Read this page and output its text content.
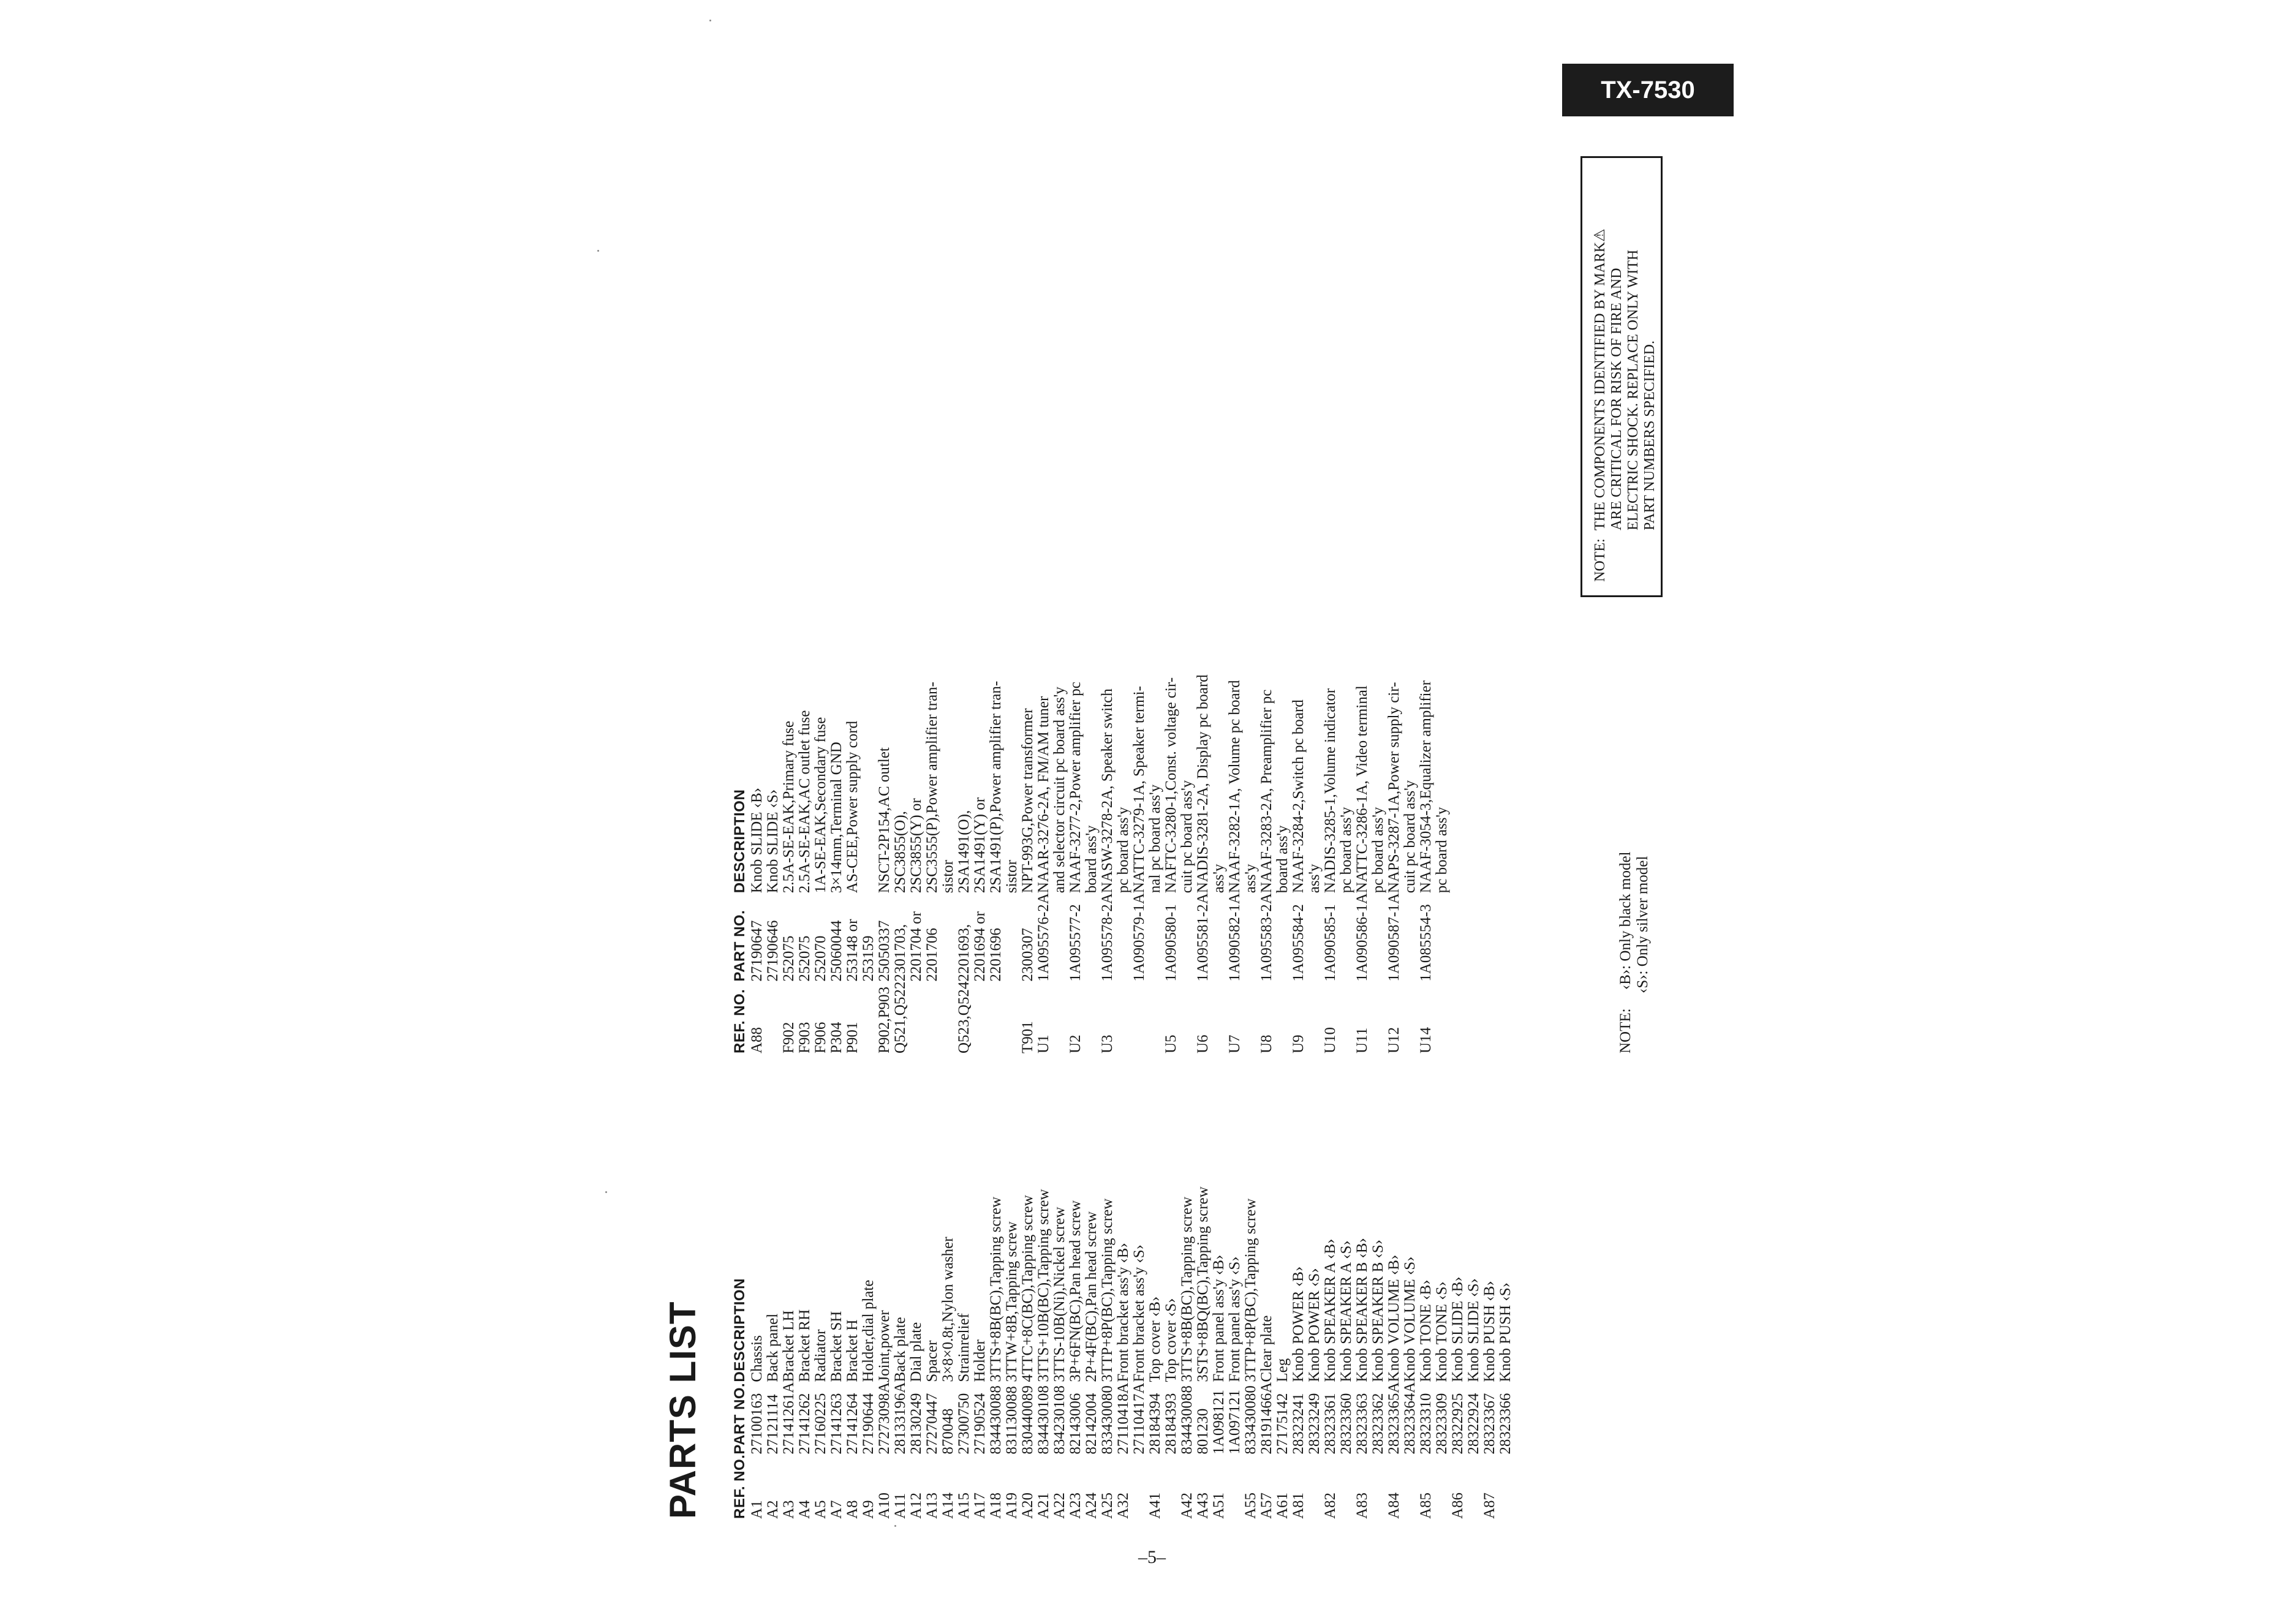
TX-7530
PARTS LIST REF. NO.	PART NO.	DESCRIPTION
A1	27100163	Chassis
A2	27121114	Back panel
A3	27141261A	Bracket LH
A4	27141262	Bracket RH
A5	27160225	Radiator
A7	27141263	Bracket SH
A8	27141264	Bracket H
A9	27190644	Holder,dial plate
A10	27273098A	Joint,power
A11	28133196A	Back plate
A12	28130249	Dial plate
A13	27270447	Spacer
A14	870048	3×8×0.8t,Nylon washer
A15	27300750	Strainrelief
A17	27190524	Holder
A18	834430088	3TTS+8B(BC),Tapping screw
A19	831130088	3TTW+8B,Tapping screw
A20	830440089	4TTC+8C(BC),Tapping screw
A21	834430108	3TTS+10B(BC),Tapping screw
A22	834230108	3TTS-10B(Ni),Nickel screw
A23	82143006	3P+6FN(BC),Pan head screw
A24	82142004	2P+4F(BC),Pan head screw
A25	833430080	3TTP+8P(BC),Tapping screw
A32	27110418A	Front bracket ass'y ‹B›
	27110417A	Front bracket ass'y ‹S›
A41	28184394	Top cover ‹B›
	28184393	Top cover ‹S›
A42	834430088	3TTS+8B(BC),Tapping screw
A43	801230	3STS+8BQ(BC),Tapping screw
A51	1A098121	Front panel ass'y ‹B›
	1A097121	Front panel ass'y ‹S›
A55	833430080	3TTP+8P(BC),Tapping screw
A57	28191466A	Clear plate
A61	27175142	Leg
A81	28323241	Knob POWER ‹B›
	28323249	Knob POWER ‹S›
A82	28323361	Knob SPEAKER A ‹B›
	28323360	Knob SPEAKER A ‹S›
A83	28323363	Knob SPEAKER B ‹B›
	28323362	Knob SPEAKER B ‹S›
A84	28323365A	Knob VOLUME ‹B›
	28323364A	Knob VOLUME ‹S›
A85	28323310	Knob TONE ‹B›
	28323309	Knob TONE ‹S›
A86	28322925	Knob SLIDE ‹B›
	28322924	Knob SLIDE ‹S›
A87	28323367	Knob PUSH ‹B›
	28323366	Knob PUSH ‹S›
REF. NO.	PART NO.	DESCRIPTION
A88	27190647	Knob SLIDE ‹B›
	27190646	Knob SLIDE ‹S›
F902	252075	2.5A-SE-EAK,Primary fuse
F903	252075	2.5A-SE-EAK,AC outlet fuse
F906	252070	1A-SE-EAK,Secondary fuse
P304	25060044	3×14mm,Terminal GND
P901	253148 or	AS-CEE,Power supply cord
	253159	
P902,P903	25050337	NSCT-2P154,AC outlet
Q521,Q522	2301703,	2SC3855(O),
	2201704 or	2SC3855(Y) or
	2201706	2SC3555(P),Power amplifier tran-
		sistor
Q523,Q524	2201693,	2SA1491(O),
	2201694 or	2SA1491(Y) or
	2201696	2SA1491(P),Power amplifier tran-
		sistor
T901	2300307	NPT-993G,Power transformer
U1	1A095576-2A	NAAR-3276-2A, FM/AM tuner
		and selector circuit pc board ass'y
U2	1A095577-2	NAAF-3277-2,Power amplifier pc
		board ass'y
U3	1A095578-2A	NASW-3278-2A, Speaker switch
		pc board ass'y
	1A090579-1A	NATTC-3279-1A, Speaker termi-
		nal pc board ass'y
U5	1A090580-1	NAFTC-3280-1,Const. voltage cir-
		cuit pc board ass'y
U6	1A095581-2A	NADIS-3281-2A, Display pc board
		ass'y
U7	1A090582-1A	NAAF-3282-1A, Volume pc board
		ass'y
U8	1A095583-2A	NAAF-3283-2A, Preamplifier pc
		board ass'y
U9	1A095584-2	NAAF-3284-2,Switch pc board
		ass'y
U10	1A090585-1	NADIS-3285-1,Volume indicator
		pc board ass'y
U11	1A090586-1A	NATTC-3286-1A, Video terminal
		pc board ass'y
U12	1A090587-1A	NAPS-3287-1A,Power supply cir-
		cuit pc board ass'y
U14	1A085554-3	NAAF-3054-3,Equalizer amplifier
		pc board ass'y
NOTE: ‹B›: Only black model
‹S›: Only silver model
NOTE:
THE COMPONENTS IDENTIFIED BY MARK⚠ ARE CRITICAL FOR RISK OF FIRE AND ELECTRIC SHOCK. REPLACE ONLY WITH PART NUMBERS SPECIFIED.
–5–
